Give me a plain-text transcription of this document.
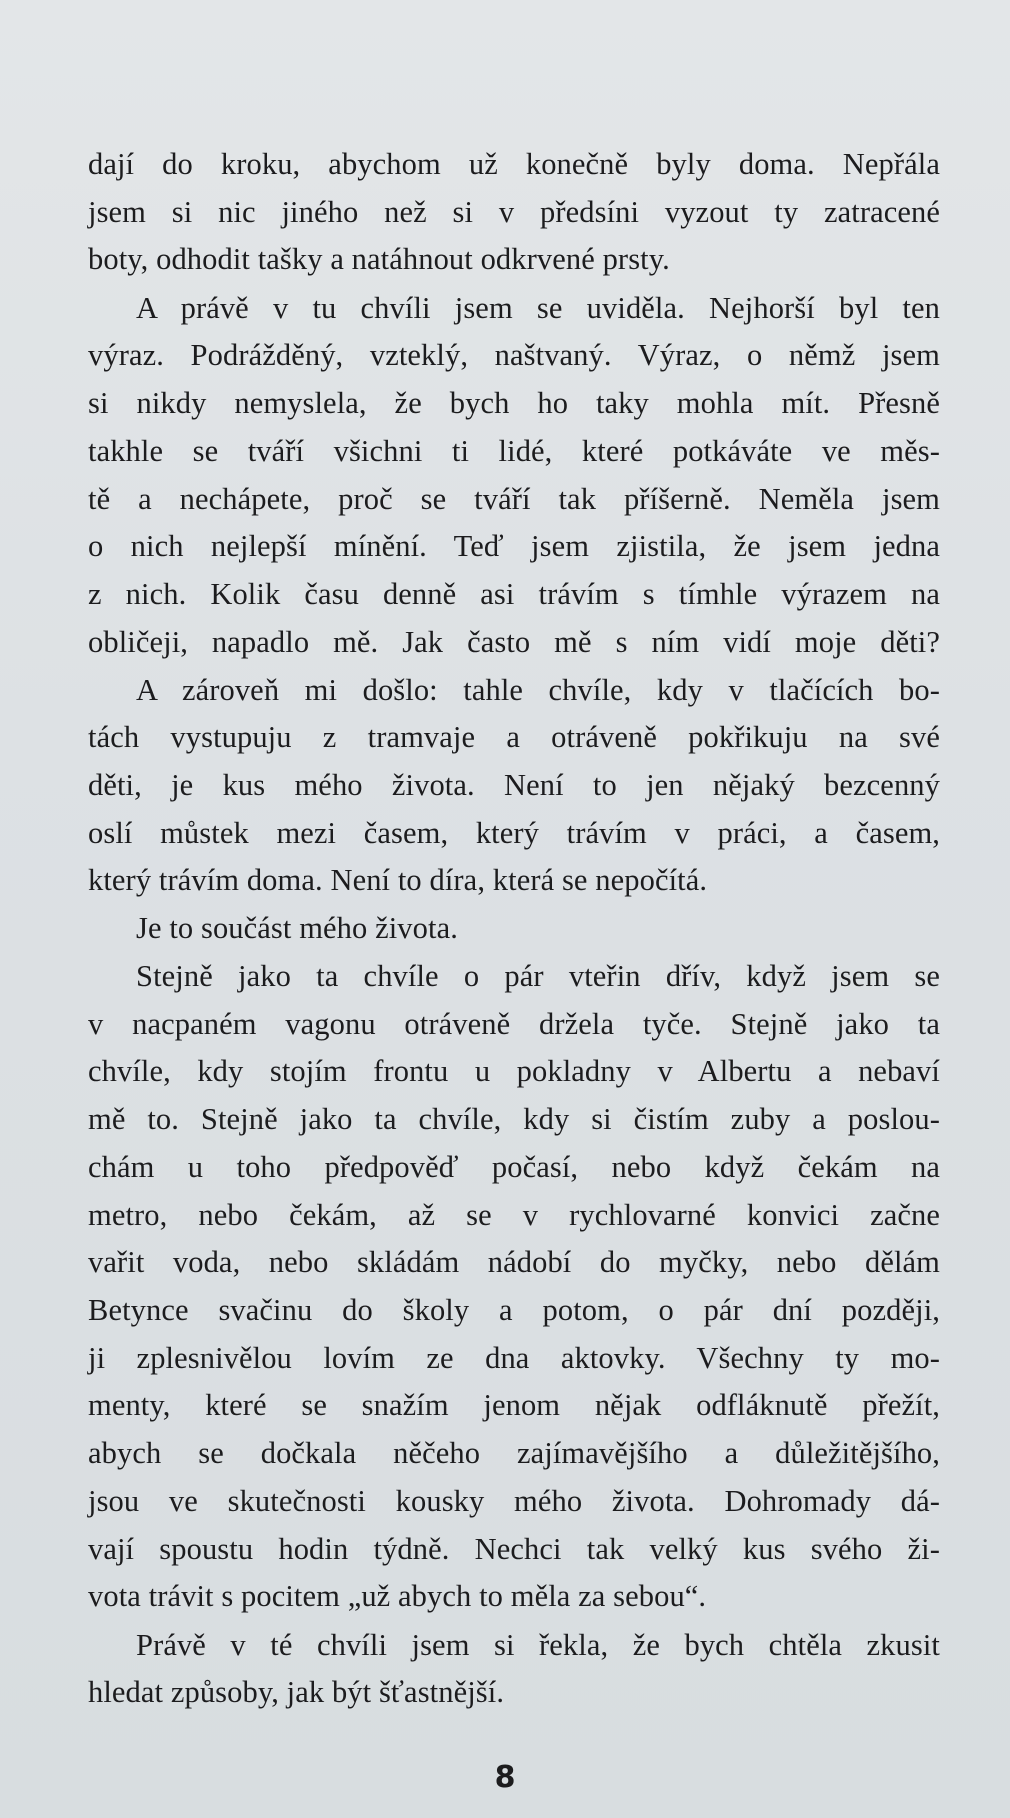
dají do kroku, abychom už konečně byly doma. Nepřála
jsem si nic jiného než si v předsíni vyzout ty zatracené
boty, odhodit tašky a natáhnout odkrvené prsty.
A právě v tu chvíli jsem se uviděla. Nejhorší byl ten
výraz. Podrážděný, vzteklý, naštvaný. Výraz, o němž jsem
si nikdy nemyslela, že bych ho taky mohla mít. Přesně
takhle se tváří všichni ti lidé, které potkáváte ve měs-
tě a nechápete, proč se tváří tak příšerně. Neměla jsem
o nich nejlepší mínění. Teď jsem zjistila, že jsem jedna
z nich. Kolik času denně asi trávím s tímhle výrazem na
obličeji, napadlo mě. Jak často mě s ním vidí moje děti?
A zároveň mi došlo: tahle chvíle, kdy v tlačících bo-
tách vystupuju z tramvaje a otráveně pokřikuju na své
děti, je kus mého života. Není to jen nějaký bezcenný
oslí můstek mezi časem, který trávím v práci, a časem,
který trávím doma. Není to díra, která se nepočítá.
Je to součást mého života.
Stejně jako ta chvíle o pár vteřin dřív, když jsem se
v nacpaném vagonu otráveně držela tyče. Stejně jako ta
chvíle, kdy stojím frontu u pokladny v Albertu a nebaví
mě to. Stejně jako ta chvíle, kdy si čistím zuby a poslou-
chám u toho předpověď počasí, nebo když čekám na
metro, nebo čekám, až se v rychlovarné konvici začne
vařit voda, nebo skládám nádobí do myčky, nebo dělám
Betynce svačinu do školy a potom, o pár dní později,
ji zplesnivělou lovím ze dna aktovky. Všechny ty mo-
menty, které se snažím jenom nějak odfláknutě přežít,
abych se dočkala něčeho zajímavějšího a důležitějšího,
jsou ve skutečnosti kousky mého života. Dohromady dá-
vají spoustu hodin týdně. Nechci tak velký kus svého ži-
vota trávit s pocitem „už abych to měla za sebou“.
Právě v té chvíli jsem si řekla, že bych chtěla zkusit
hledat způsoby, jak být šťastnější.
8
